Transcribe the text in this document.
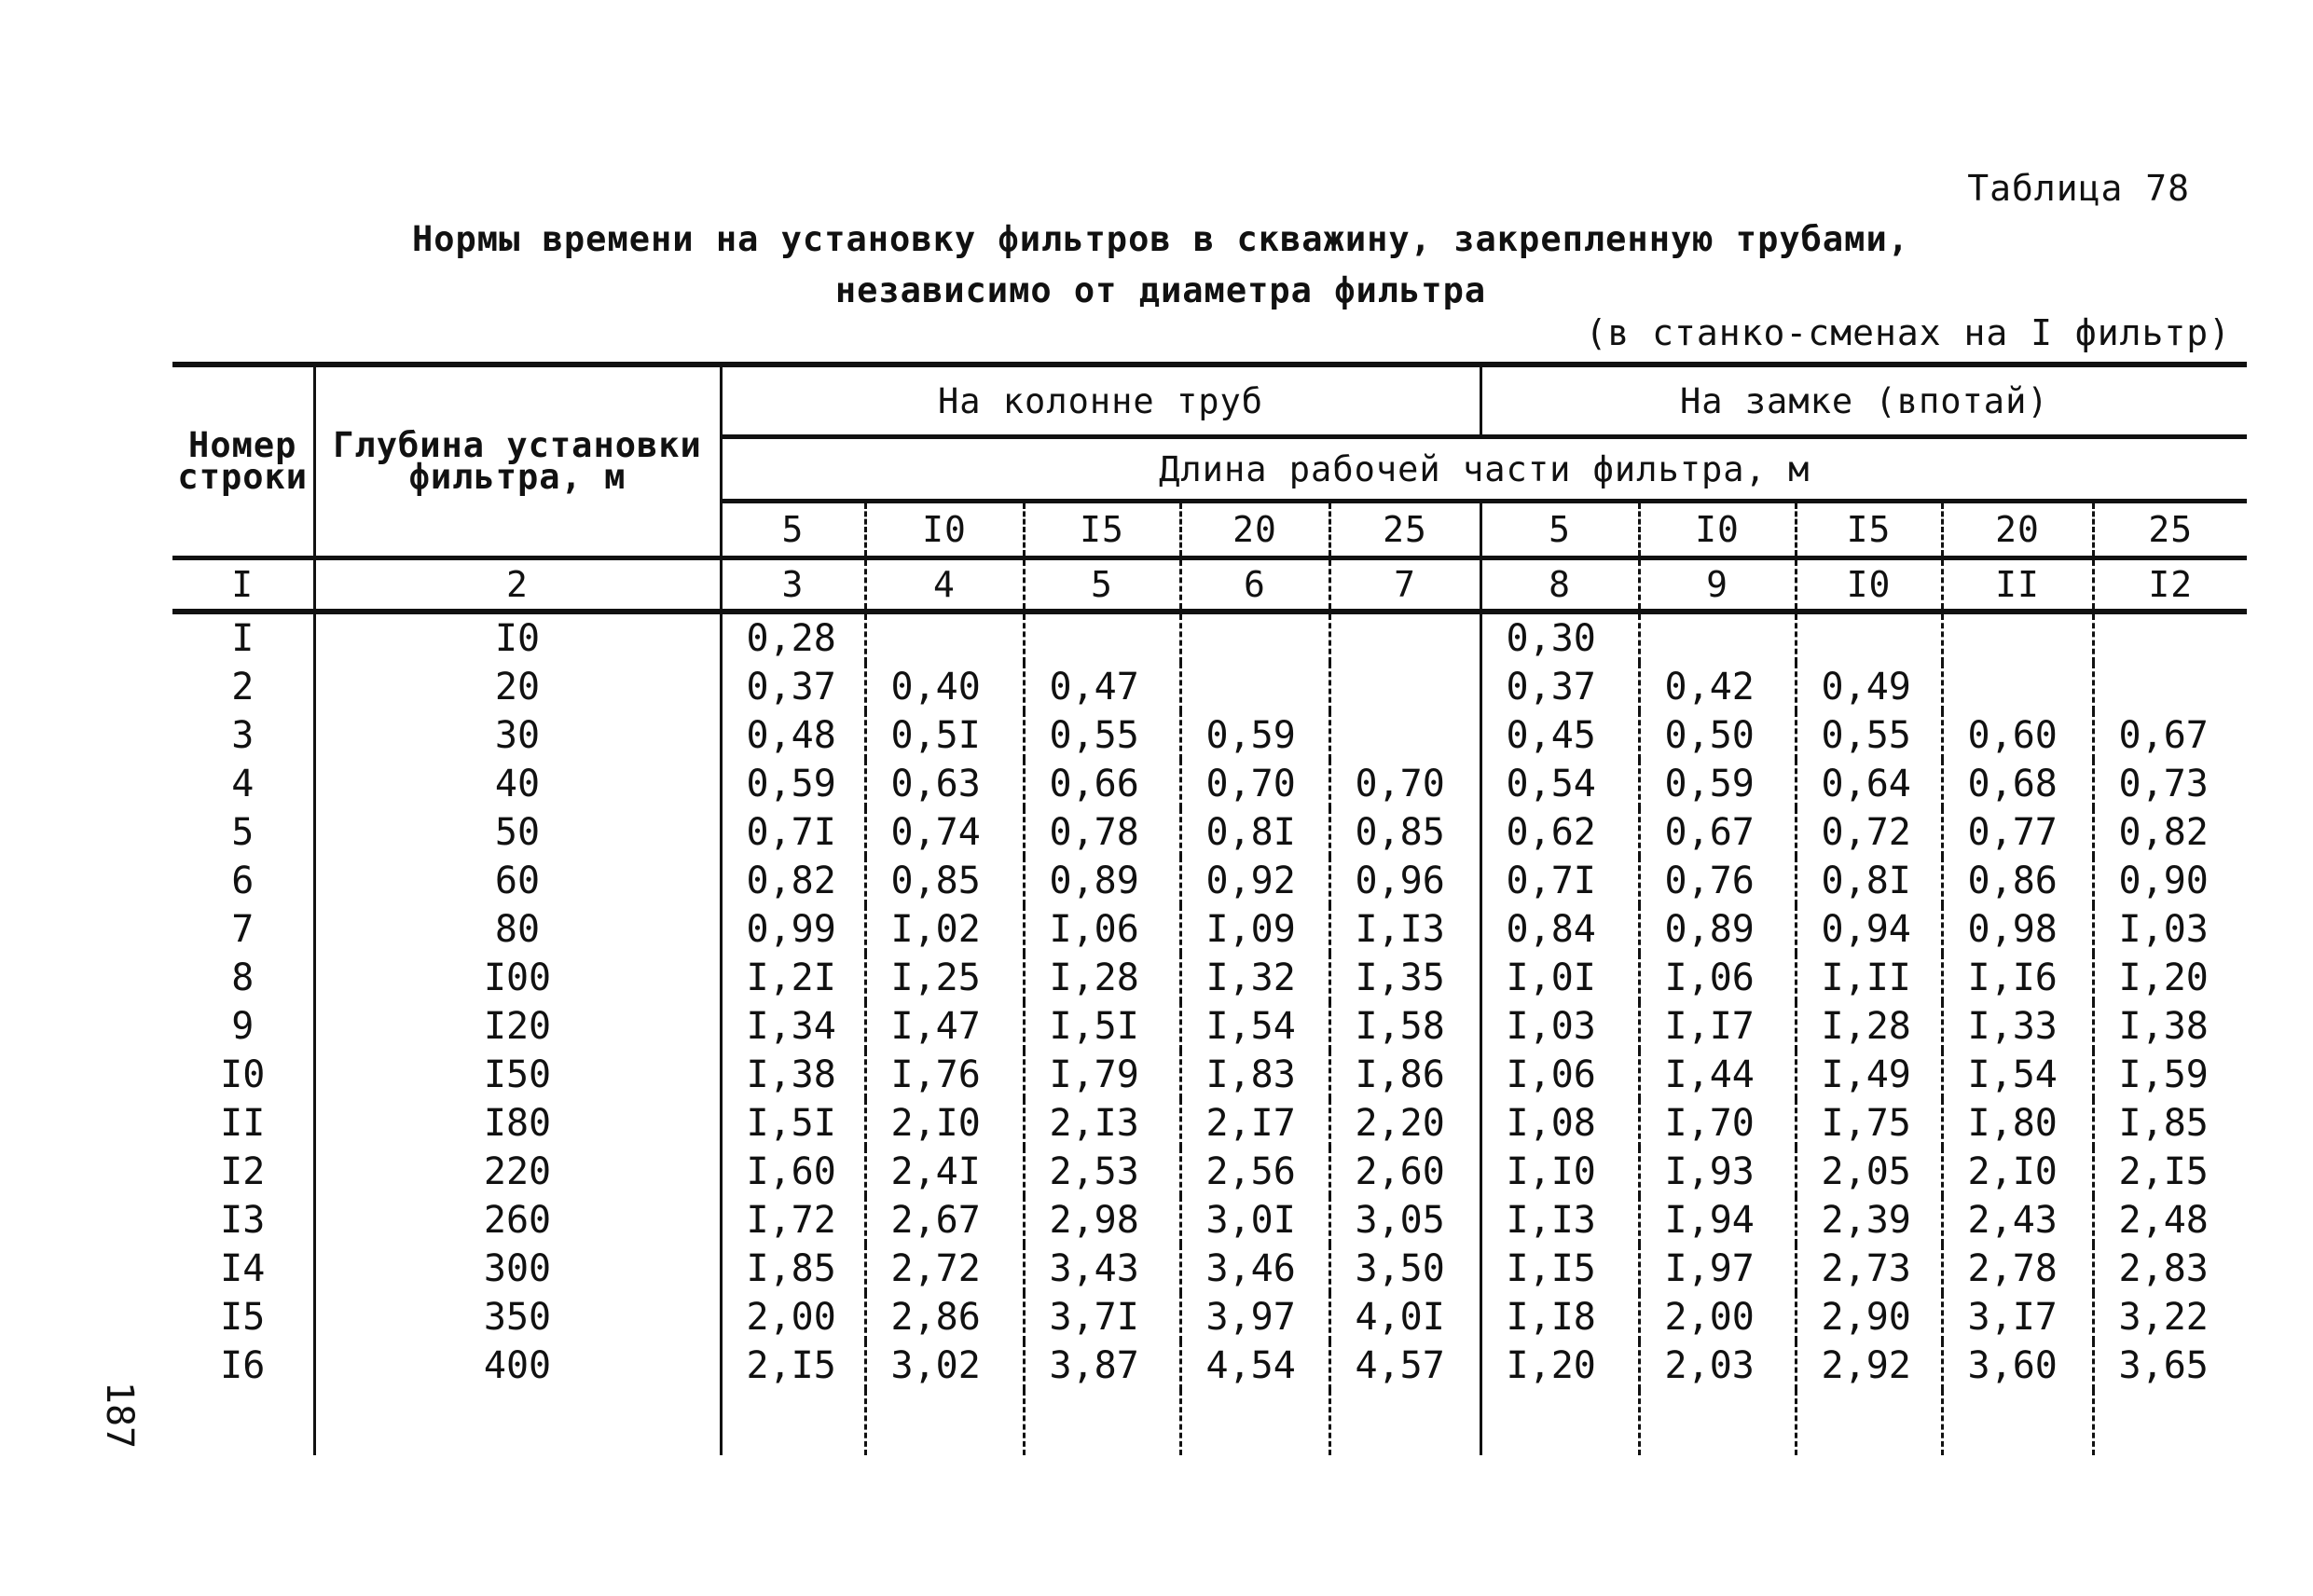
Таблица 78
Нормы времени на установку фильтров в скважину, закрепленную трубами,
независимо от диаметра фильтра
(в станко-сменах на I фильтр)
Номер строки	Глубина установки фильтра, м	На колонне труб					На замке (впотай)				
		Длина рабочей части фильтра, м									
		5	I0	I5	20	25	5	I0	I5	20	25
I	2	3	4	5	6	7	8	9	I0	II	I2
I	I0	0,28					0,30				
2	20	0,37	0,40	0,47			0,37	0,42	0,49		
3	30	0,48	0,5I	0,55	0,59		0,45	0,50	0,55	0,60	0,67
4	40	0,59	0,63	0,66	0,70	0,70	0,54	0,59	0,64	0,68	0,73
5	50	0,7I	0,74	0,78	0,8I	0,85	0,62	0,67	0,72	0,77	0,82
6	60	0,82	0,85	0,89	0,92	0,96	0,7I	0,76	0,8I	0,86	0,90
7	80	0,99	I,02	I,06	I,09	I,I3	0,84	0,89	0,94	0,98	I,03
8	I00	I,2I	I,25	I,28	I,32	I,35	I,0I	I,06	I,II	I,I6	I,20
9	I20	I,34	I,47	I,5I	I,54	I,58	I,03	I,I7	I,28	I,33	I,38
I0	I50	I,38	I,76	I,79	I,83	I,86	I,06	I,44	I,49	I,54	I,59
II	I80	I,5I	2,I0	2,I3	2,I7	2,20	I,08	I,70	I,75	I,80	I,85
I2	220	I,60	2,4I	2,53	2,56	2,60	I,I0	I,93	2,05	2,I0	2,I5
I3	260	I,72	2,67	2,98	3,0I	3,05	I,I3	I,94	2,39	2,43	2,48
I4	300	I,85	2,72	3,43	3,46	3,50	I,I5	I,97	2,73	2,78	2,83
I5	350	2,00	2,86	3,7I	3,97	4,0I	I,I8	2,00	2,90	3,I7	3,22
I6	400	2,I5	3,02	3,87	4,54	4,57	I,20	2,03	2,92	3,60	3,65

187
